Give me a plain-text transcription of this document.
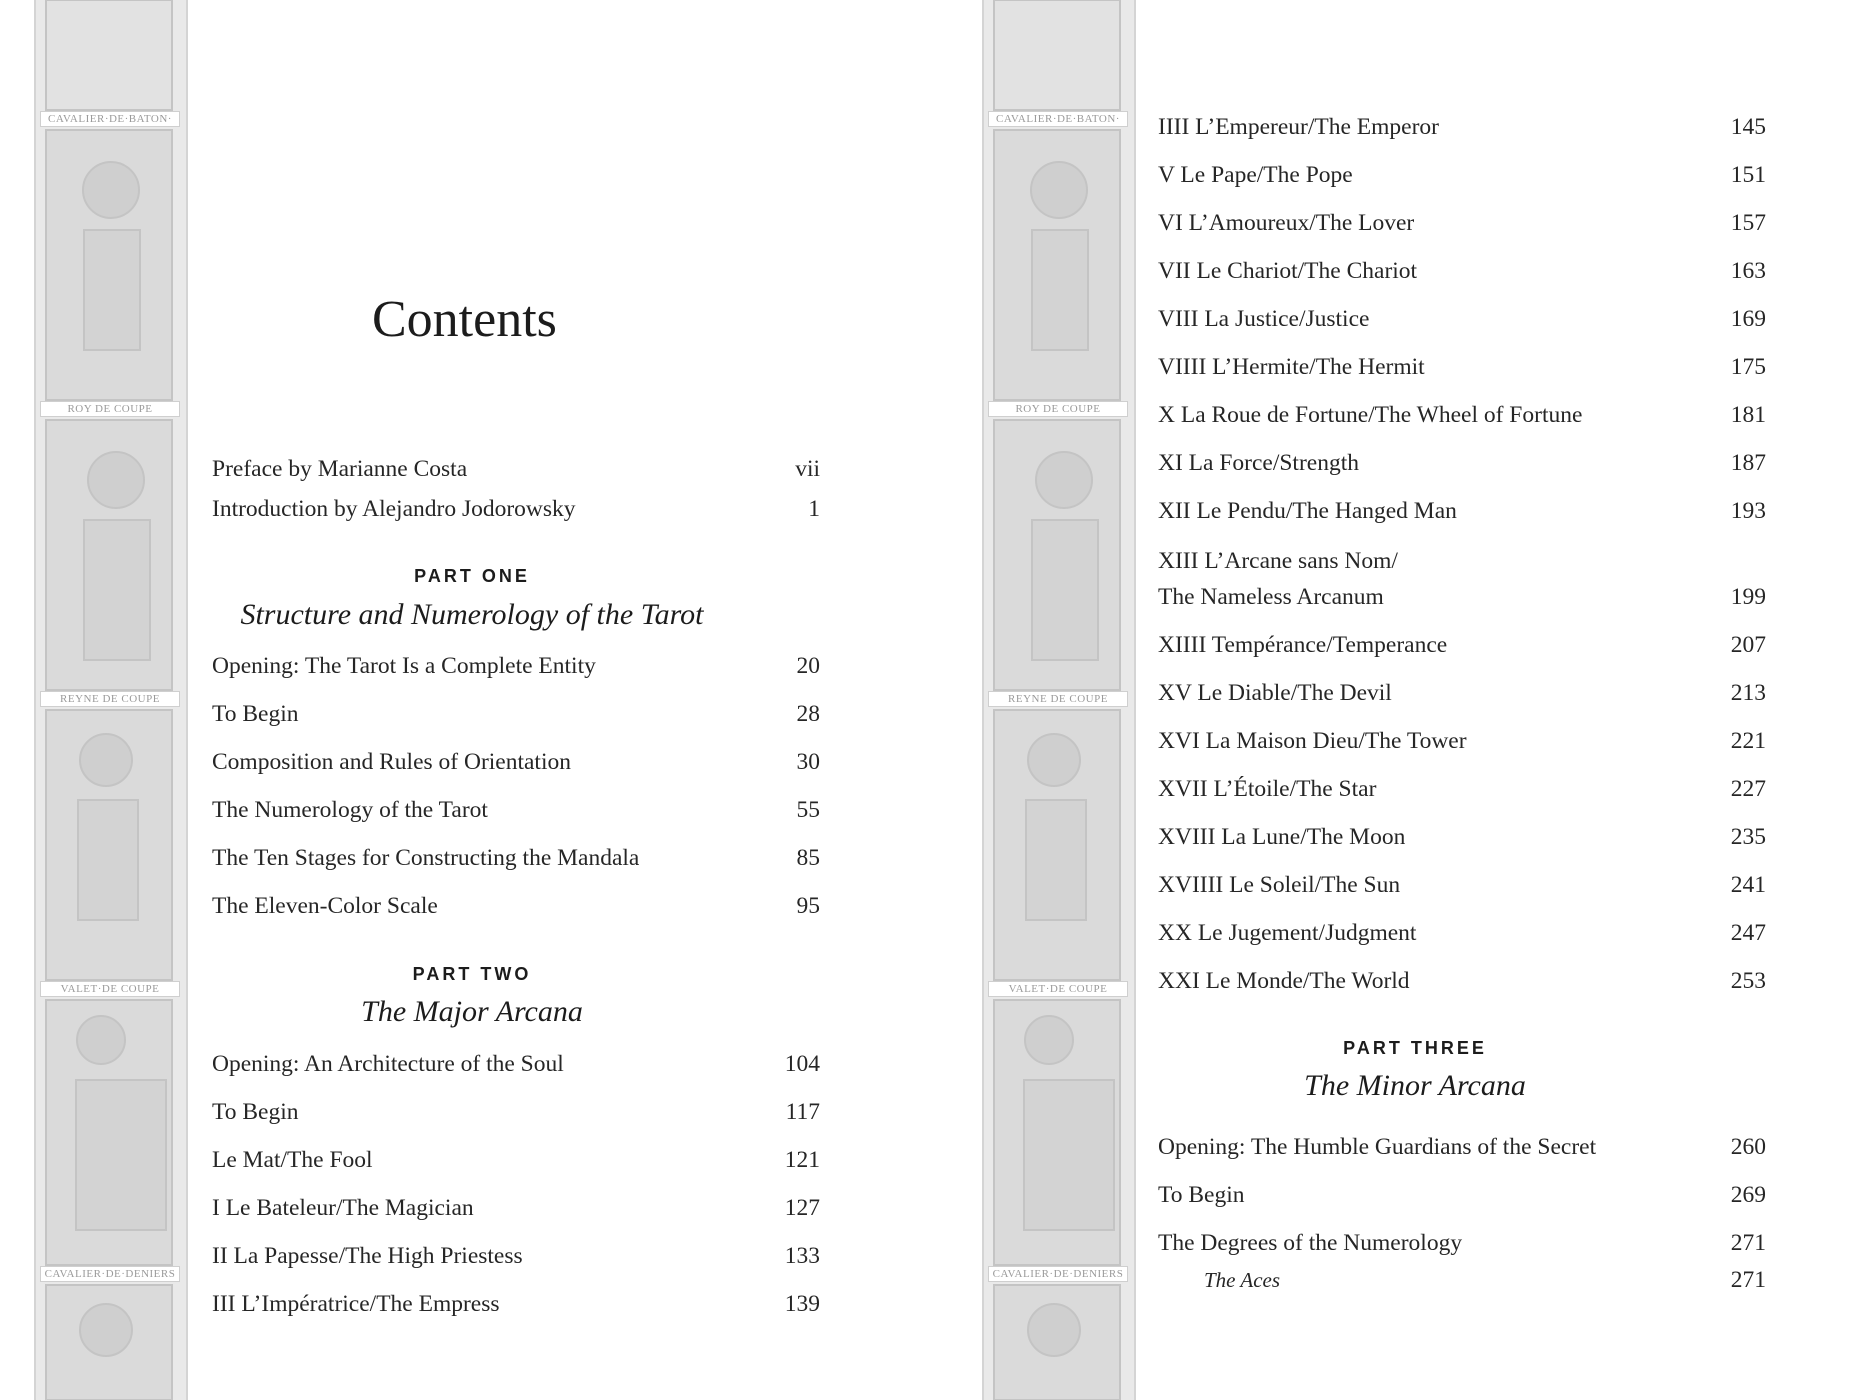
CAVALIER·DE·BATON·
ROY DE COUPE
REYNE DE COUPE
VALET·DE COUPE
CAVALIER·DE·DENIERS
CAVALIER·DE·BATON·
ROY DE COUPE
REYNE DE COUPE
VALET·DE COUPE
CAVALIER·DE·DENIERS
Contents
Preface by Marianne Costa	vii
Introduction by Alejandro Jodorowsky	1
PART ONE
Structure and Numerology of the Tarot
Opening: The Tarot Is a Complete Entity	20
To Begin	28
Composition and Rules of Orientation	30
The Numerology of the Tarot	55
The Ten Stages for Constructing the Mandala	85
The Eleven-Color Scale	95
PART TWO
The Major Arcana
Opening: An Architecture of the Soul	104
To Begin	117
Le Mat/The Fool	121
I Le Bateleur/The Magician	127
II La Papesse/The High Priestess	133
III L’Impératrice/The Empress	139
IIII L’Empereur/The Emperor	145
V Le Pape/The Pope	151
VI L’Amoureux/The Lover	157
VII Le Chariot/The Chariot	163
VIII La Justice/Justice	169
VIIII L’Hermite/The Hermit	175
X La Roue de Fortune/The Wheel of Fortune	181
XI La Force/Strength	187
XII Le Pendu/The Hanged Man	193
XIII L’Arcane sans Nom/
The Nameless Arcanum	199
XIIII Tempérance/Temperance	207
XV Le Diable/The Devil	213
XVI La Maison Dieu/The Tower	221
XVII L’Étoile/The Star	227
XVIII La Lune/The Moon	235
XVIIII Le Soleil/The Sun	241
XX Le Jugement/Judgment	247
XXI Le Monde/The World	253
PART THREE
The Minor Arcana
Opening: The Humble Guardians of the Secret	260
To Begin	269
The Degrees of the Numerology	271
The Aces	271
